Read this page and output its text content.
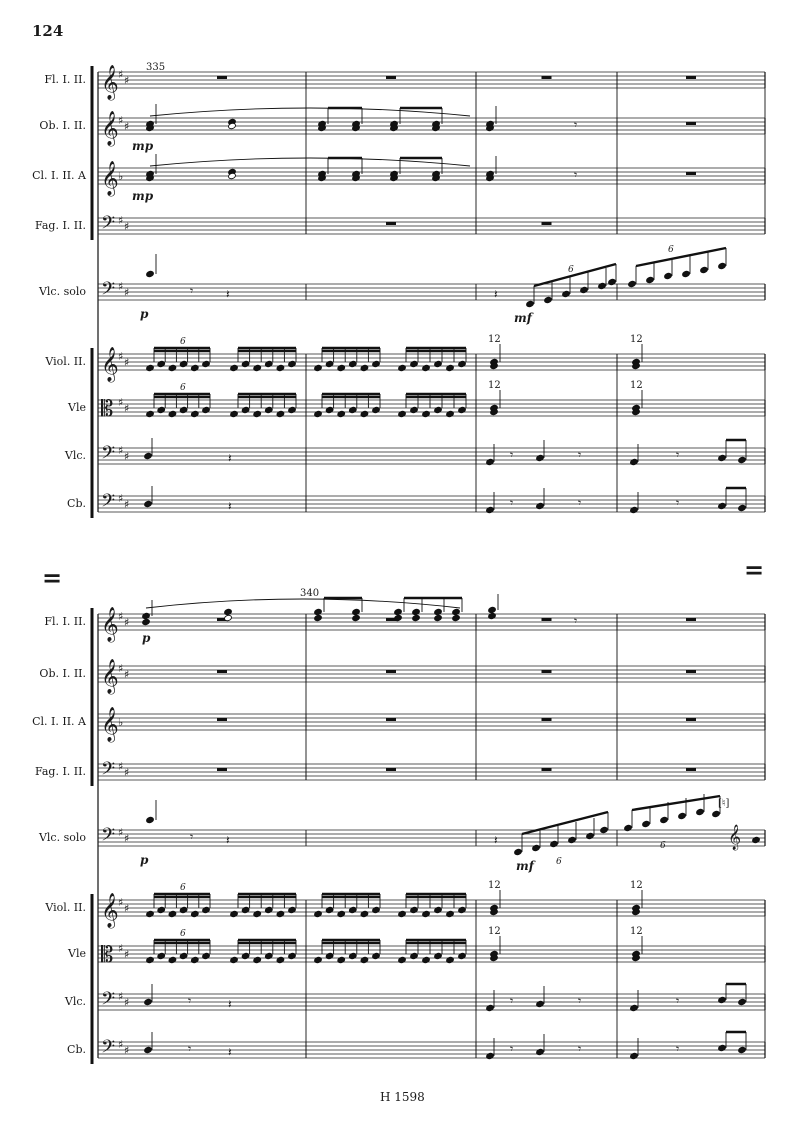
124
Fl. I. II. 𝄞 ♯ ♯
Ob. I. II. 𝄞 ♯ ♯
Cl. I. II. A 𝄞 ♭
Fag. I. II. 𝄢 ♯ ♯
Vlc. solo 𝄢 ♯ ♯
Viol. II. 𝄞 ♯ ♯
Vle 𝄡 ♯ ♯
Vlc. 𝄢 ♯ ♯
Cb. 𝄢 ♯ ♯
335
𝄾
mp
𝄾
mp
𝄾	𝄽
p
𝄽
6
6
mf
6	12	12
6	12	12
𝄽	𝄾	𝄾	𝄾
𝄽	𝄾	𝄾	𝄾
Fl. I. II. 𝄞 ♯ ♯
Ob. I. II. 𝄞 ♯ ♯
Cl. I. II. A 𝄞 ♭
Fag. I. II. 𝄢 ♯ ♯
Vlc. solo 𝄢 ♯ ♯
Viol. II. 𝄞 ♯ ♯
Vle 𝄡 ♯ ♯
Vlc. 𝄢 ♯ ♯
Cb. 𝄢 ♯ ♯
340
𝄾
p
𝄾	𝄽
p
𝄽
6
6	𝄞
[♮]
mf
6	12	12
6	12	12
𝄾	𝄽	𝄾	𝄾	𝄾
𝄾	𝄽	𝄾	𝄾	𝄾
=	=
H 1598
